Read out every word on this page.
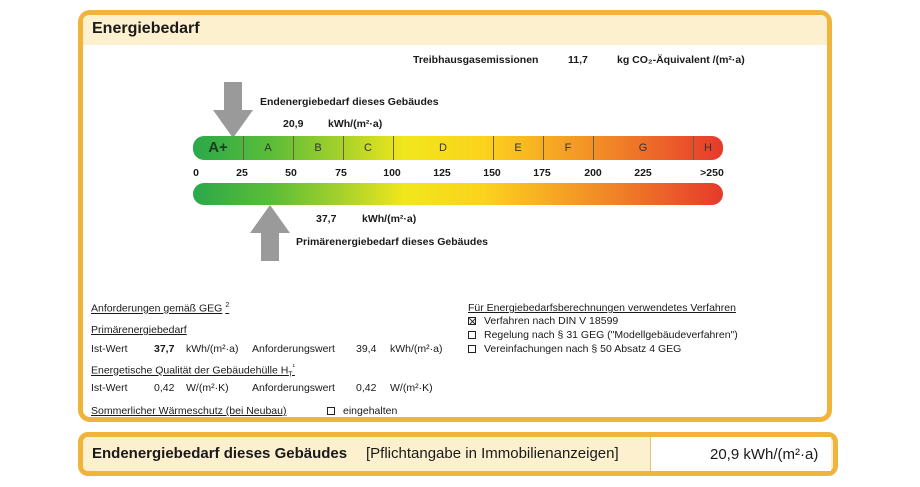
Energiebedarf
Treibhausgasemissionen	11,7	kg CO₂-Äquivalent /(m²·a)
Endenergiebedarf dieses Gebäudes
20,9 kWh/(m²·a)
A+	A	B	C	D	E	F	G	H
0	25	50	75	100	125	150	175	200	225	>250
37,7 kWh/(m²·a)
Primärenergiebedarf dieses Gebäudes
Anforderungen gemäß GEG $^2$
Primärenergiebedarf
Ist-Wert	37,7 kWh/(m²·a) Anforderungswert 39,4 kWh/(m²·a)
Energetische Qualität der Gebäudehülle $H_T^{^1}$
Ist-Wert	0,42 W/(m²·K) Anforderungswert 0,42 W/(m²·K)
Sommerlicher Wärmeschutz (bei Neubau)	eingehalten
Für Energiebedarfsberechnungen verwendetes Verfahren
Verfahren nach DIN V 18599
Regelung nach § 31 GEG ("Modellgebäudeverfahren")
Vereinfachungen nach § 50 Absatz 4 GEG
Endenergiebedarf dieses Gebäudes [Pflichtangabe in Immobilienanzeigen]	20,9 kWh/(m²·a)
